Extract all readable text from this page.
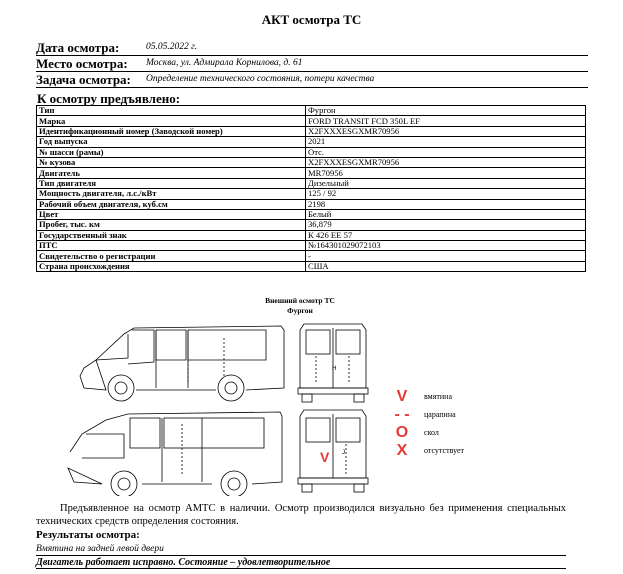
АКТ осмотра ТС
Дата осмотра:	05.05.2022 г.
Место осмотра: Москва, ул. Адмирала Корнилова, д. 61
Задача осмотра: Определение технического состояния, потери качества
К осмотру предъявлено:
Тип	Фургон
Марка	FORD TRANSIT FCD 350L EF
Идентификационный номер (Заводской номер)	X2FXXXESGXMR70956
Год выпуска	2021
№ шасси (рамы)	Отс.
№ кузова	X2FXXXESGXMR70956
Двигатель	MR70956
Тип двигателя	Дизельный
Мощность двигателя, л.с./кВт	125 / 92
Рабочий объем двигателя, куб.см	2198
Цвет	Белый
Пробег, тыс. км	36,879
Государственный знак	К 426 ЕЕ 57
ПТС	№164301029072103
Свидетельство о регистрации	-
Страна происхождения	США
Внешний осмотр ТС
Фургон
H
J
V
V	вмятина
- -	царапина
O	скол
X	отсутствует
Предъявленное на осмотр АМТС в наличии. Осмотр производился визуально без применения специальных технических средств определения состояния.
Результаты осмотра:
Вмятина на задней левой двери
Двигатель работает исправно. Состояние – удовлетворительное
